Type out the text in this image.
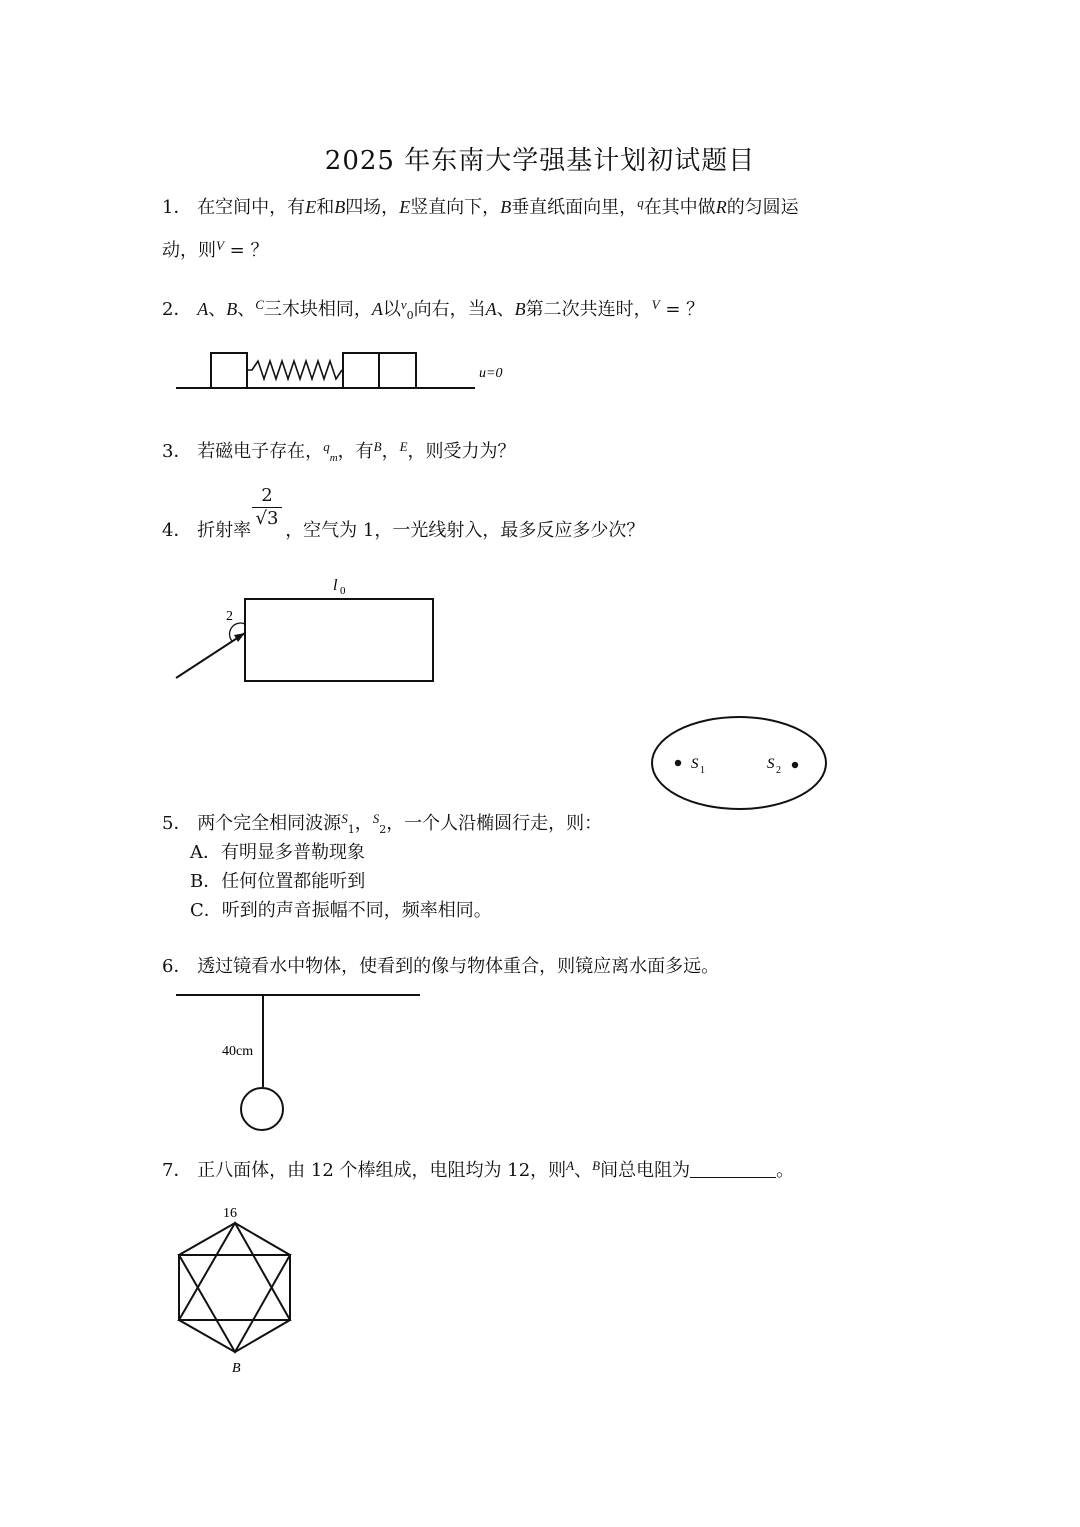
2025 年东南大学强基计划初试题目
1． 在空间中，有E和B四场，E竖直向下，B垂直纸面向里，$^q$在其中做R的匀圆运
动，则$^V$ = ？
2． A、B、$^C$三木块相同，A以$^v_0$向右，当A、B第二次共连时，$^V$ = ？
u=0
3． 若磁电子存在，$^q_m$，有$^B$，$^E$，则受力为？
$\frac{2}{√3}$
4． 折射率 ，空气为 1，一光线射入，最多反应多少次？
2
l 0
S 1	S 2
5． 两个完全相同波源$^S_1$，$^S_2$，一个人沿椭圆行走，则：
A．有明显多普勒现象
B．任何位置都能听到
C．听到的声音振幅不同，频率相同。
6． 透过镜看水中物体，使看到的像与物体重合，则镜应离水面多远。
40cm
7． 正八面体，由 12 个棒组成，电阻均为 12，则$^A$、$^B$间总电阻为	。
16
B
